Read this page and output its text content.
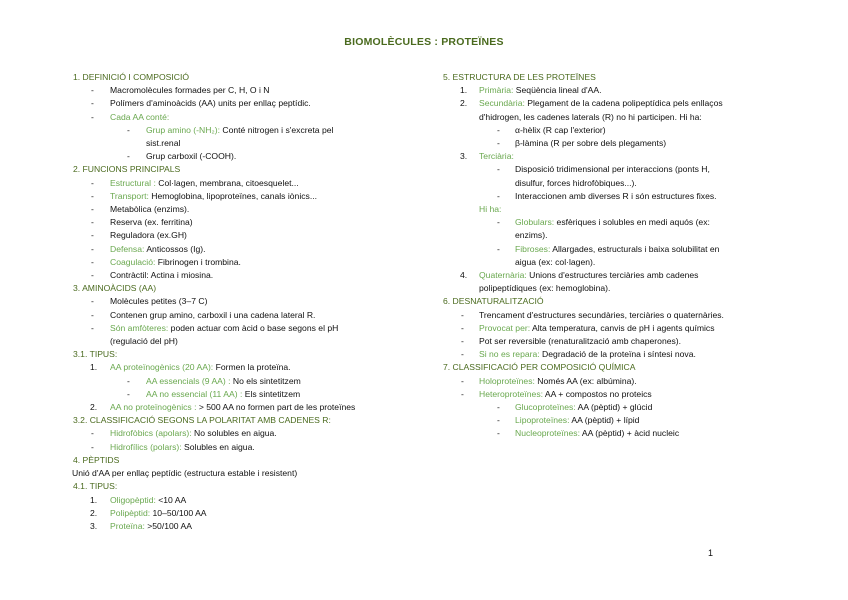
BIOMOLÈCULES : PROTEÏNES
1. DEFINICIÓ I COMPOSICIÓ
- Macromolècules formades per C, H, O i N
- Polímers d'aminoàcids (AA) units per enllaç peptídic.
- Cada AA conté:
- Grup amino (-NH₂): Conté nitrogen i s'excreta pel
sist.renal
- Grup carboxil (-COOH).
2. FUNCIONS PRINCIPALS
- Estructural : Col·lagen, membrana, citoesquelet...
- Transport: Hemoglobina, lipoproteïnes, canals iònics...
- Metabòlica (enzims).
- Reserva (ex. ferritina)
- Reguladora (ex.GH)
- Defensa: Anticossos (Ig).
- Coagulació: Fibrinogen i trombina.
- Contràctil: Actina i miosina.
3. AMINOÀCIDS (AA)
- Molècules petites (3–7 C)
- Contenen grup amino, carboxil i una cadena lateral R.
- Són amfòteres: poden actuar com àcid o base segons el pH
(regulació del pH)
3.1. TIPUS:
1. AA proteïnogènics (20 AA): Formen la proteïna.
- AA essencials (9 AA) : No els sintetitzem
- AA no essencial (11 AA) : Els sintetitzem
2. AA no proteïnogènics : > 500 AA no formen part de les proteïnes
3.2. CLASSIFICACIÓ SEGONS LA POLARITAT AMB CADENES R:
- Hidrofòbics (apolars): No solubles en aigua.
- Hidrofílics (polars): Solubles en aigua.
4. PÈPTIDS
Unió d'AA per enllaç peptídic (estructura estable i resistent)
4.1. TIPUS:
1. Oligopèptid: <10 AA
2. Polipèptid: 10–50/100 AA
3. Proteïna: >50/100 AA
5. ESTRUCTURA DE LES PROTEÏNES
1. Primària: Seqüència lineal d'AA.
2. Secundària: Plegament de la cadena polipeptídica pels enllaços
d'hidrogen, les cadenes laterals (R) no hi participen. Hi ha:
- α-hèlix (R cap l'exterior)
- β-làmina (R per sobre dels plegaments)
3. Terciària:
- Disposició tridimensional per interaccions (ponts H,
disulfur, forces hidrofòbiques...).
- Interaccionen amb diverses R i són estructures fixes.
Hi ha:
- Globulars: esfèriques i solubles en medi aquós (ex:
enzims).
- Fibroses: Allargades, estructurals i baixa solubilitat en
aigua (ex: col·lagen).
4. Quaternària: Unions d'estructures terciàries amb cadenes
polipeptídiques (ex: hemoglobina).
6. DESNATURALITZACIÓ
- Trencament d'estructures secundàries, terciàries o quaternàries.
- Provocat per: Alta temperatura, canvis de pH i agents químics
- Pot ser reversible (renaturalització amb chaperones).
- Si no es repara: Degradació de la proteïna i síntesi nova.
7. CLASSIFICACIÓ PER COMPOSICIÓ QUÍMICA
- Holoproteïnes: Només AA (ex: albúmina).
- Heteroproteïnes: AA + compostos no proteics
- Glucoproteïnes: AA (pèptid) + glúcid
- Lipoproteïnes: AA (pèptid) + lípid
- Nucleoproteïnes: AA (pèptid) + àcid nucleic
1
